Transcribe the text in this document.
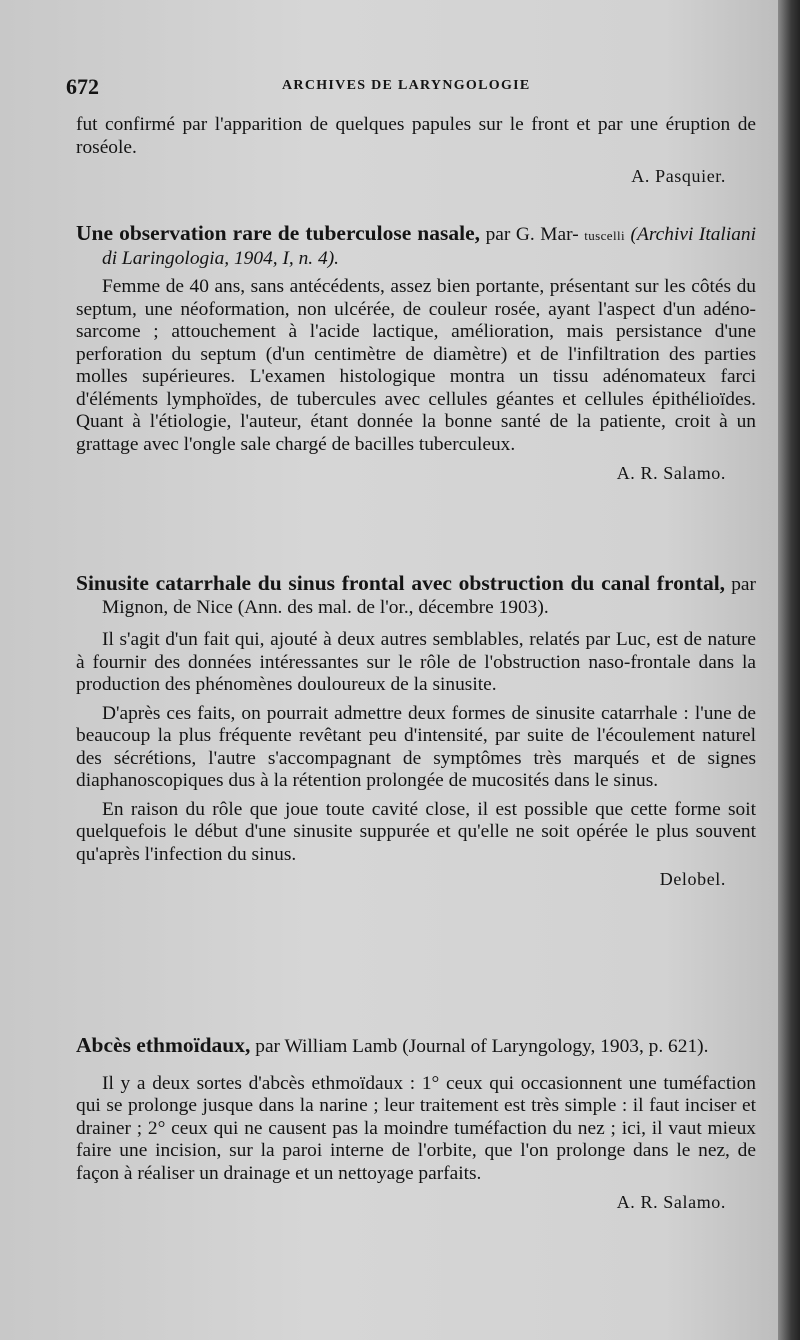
672	ARCHIVES DE LARYNGOLOGIE

fut confirmé par l'apparition de quelques papules sur le front et par une éruption de roséole.

A. Pasquier.

Une observation rare de tuberculose nasale, par G. Mar- tuscelli (Archivi Italiani di Laringologia, 1904, I, n. 4).

Femme de 40 ans, sans antécédents, assez bien portante, présentant sur les côtés du septum, une néoformation, non ulcérée, de couleur rosée, ayant l'aspect d'un adéno-sarcome ; attouchement à l'acide lactique, amélioration, mais persistance d'une perforation du septum (d'un centimètre de diamètre) et de l'infiltration des parties molles supérieures. L'examen histologique montra un tissu adénomateux farci d'éléments lymphoïdes, de tubercules avec cellules géantes et cellules épithélioïdes. Quant à l'étiologie, l'auteur, étant donnée la bonne santé de la patiente, croit à un grattage avec l'ongle sale chargé de bacilles tuberculeux.

A. R. Salamo.

Sinusite catarrhale du sinus frontal avec obstruction du canal frontal, par Mignon, de Nice (Ann. des mal. de l'or., décembre 1903).

Il s'agit d'un fait qui, ajouté à deux autres semblables, relatés par Luc, est de nature à fournir des données intéressantes sur le rôle de l'obstruction naso-frontale dans la production des phénomènes douloureux de la sinusite.

D'après ces faits, on pourrait admettre deux formes de sinusite catarrhale : l'une de beaucoup la plus fréquente revêtant peu d'intensité, par suite de l'écoulement naturel des sécrétions, l'autre s'accompagnant de symptômes très marqués et de signes diaphanoscopiques dus à la rétention prolongée de mucosités dans le sinus.

En raison du rôle que joue toute cavité close, il est possible que cette forme soit quelquefois le début d'une sinusite suppurée et qu'elle ne soit opérée le plus souvent qu'après l'infection du sinus.

Delobel.

Abcès ethmoïdaux, par William Lamb (Journal of Laryngology, 1903, p. 621).

Il y a deux sortes d'abcès ethmoïdaux : 1° ceux qui occasionnent une tuméfaction qui se prolonge jusque dans la narine ; leur traitement est très simple : il faut inciser et drainer ; 2° ceux qui ne causent pas la moindre tuméfaction du nez ; ici, il vaut mieux faire une incision, sur la paroi interne de l'orbite, que l'on prolonge dans le nez, de façon à réaliser un drainage et un nettoyage parfaits.

A. R. Salamo.
